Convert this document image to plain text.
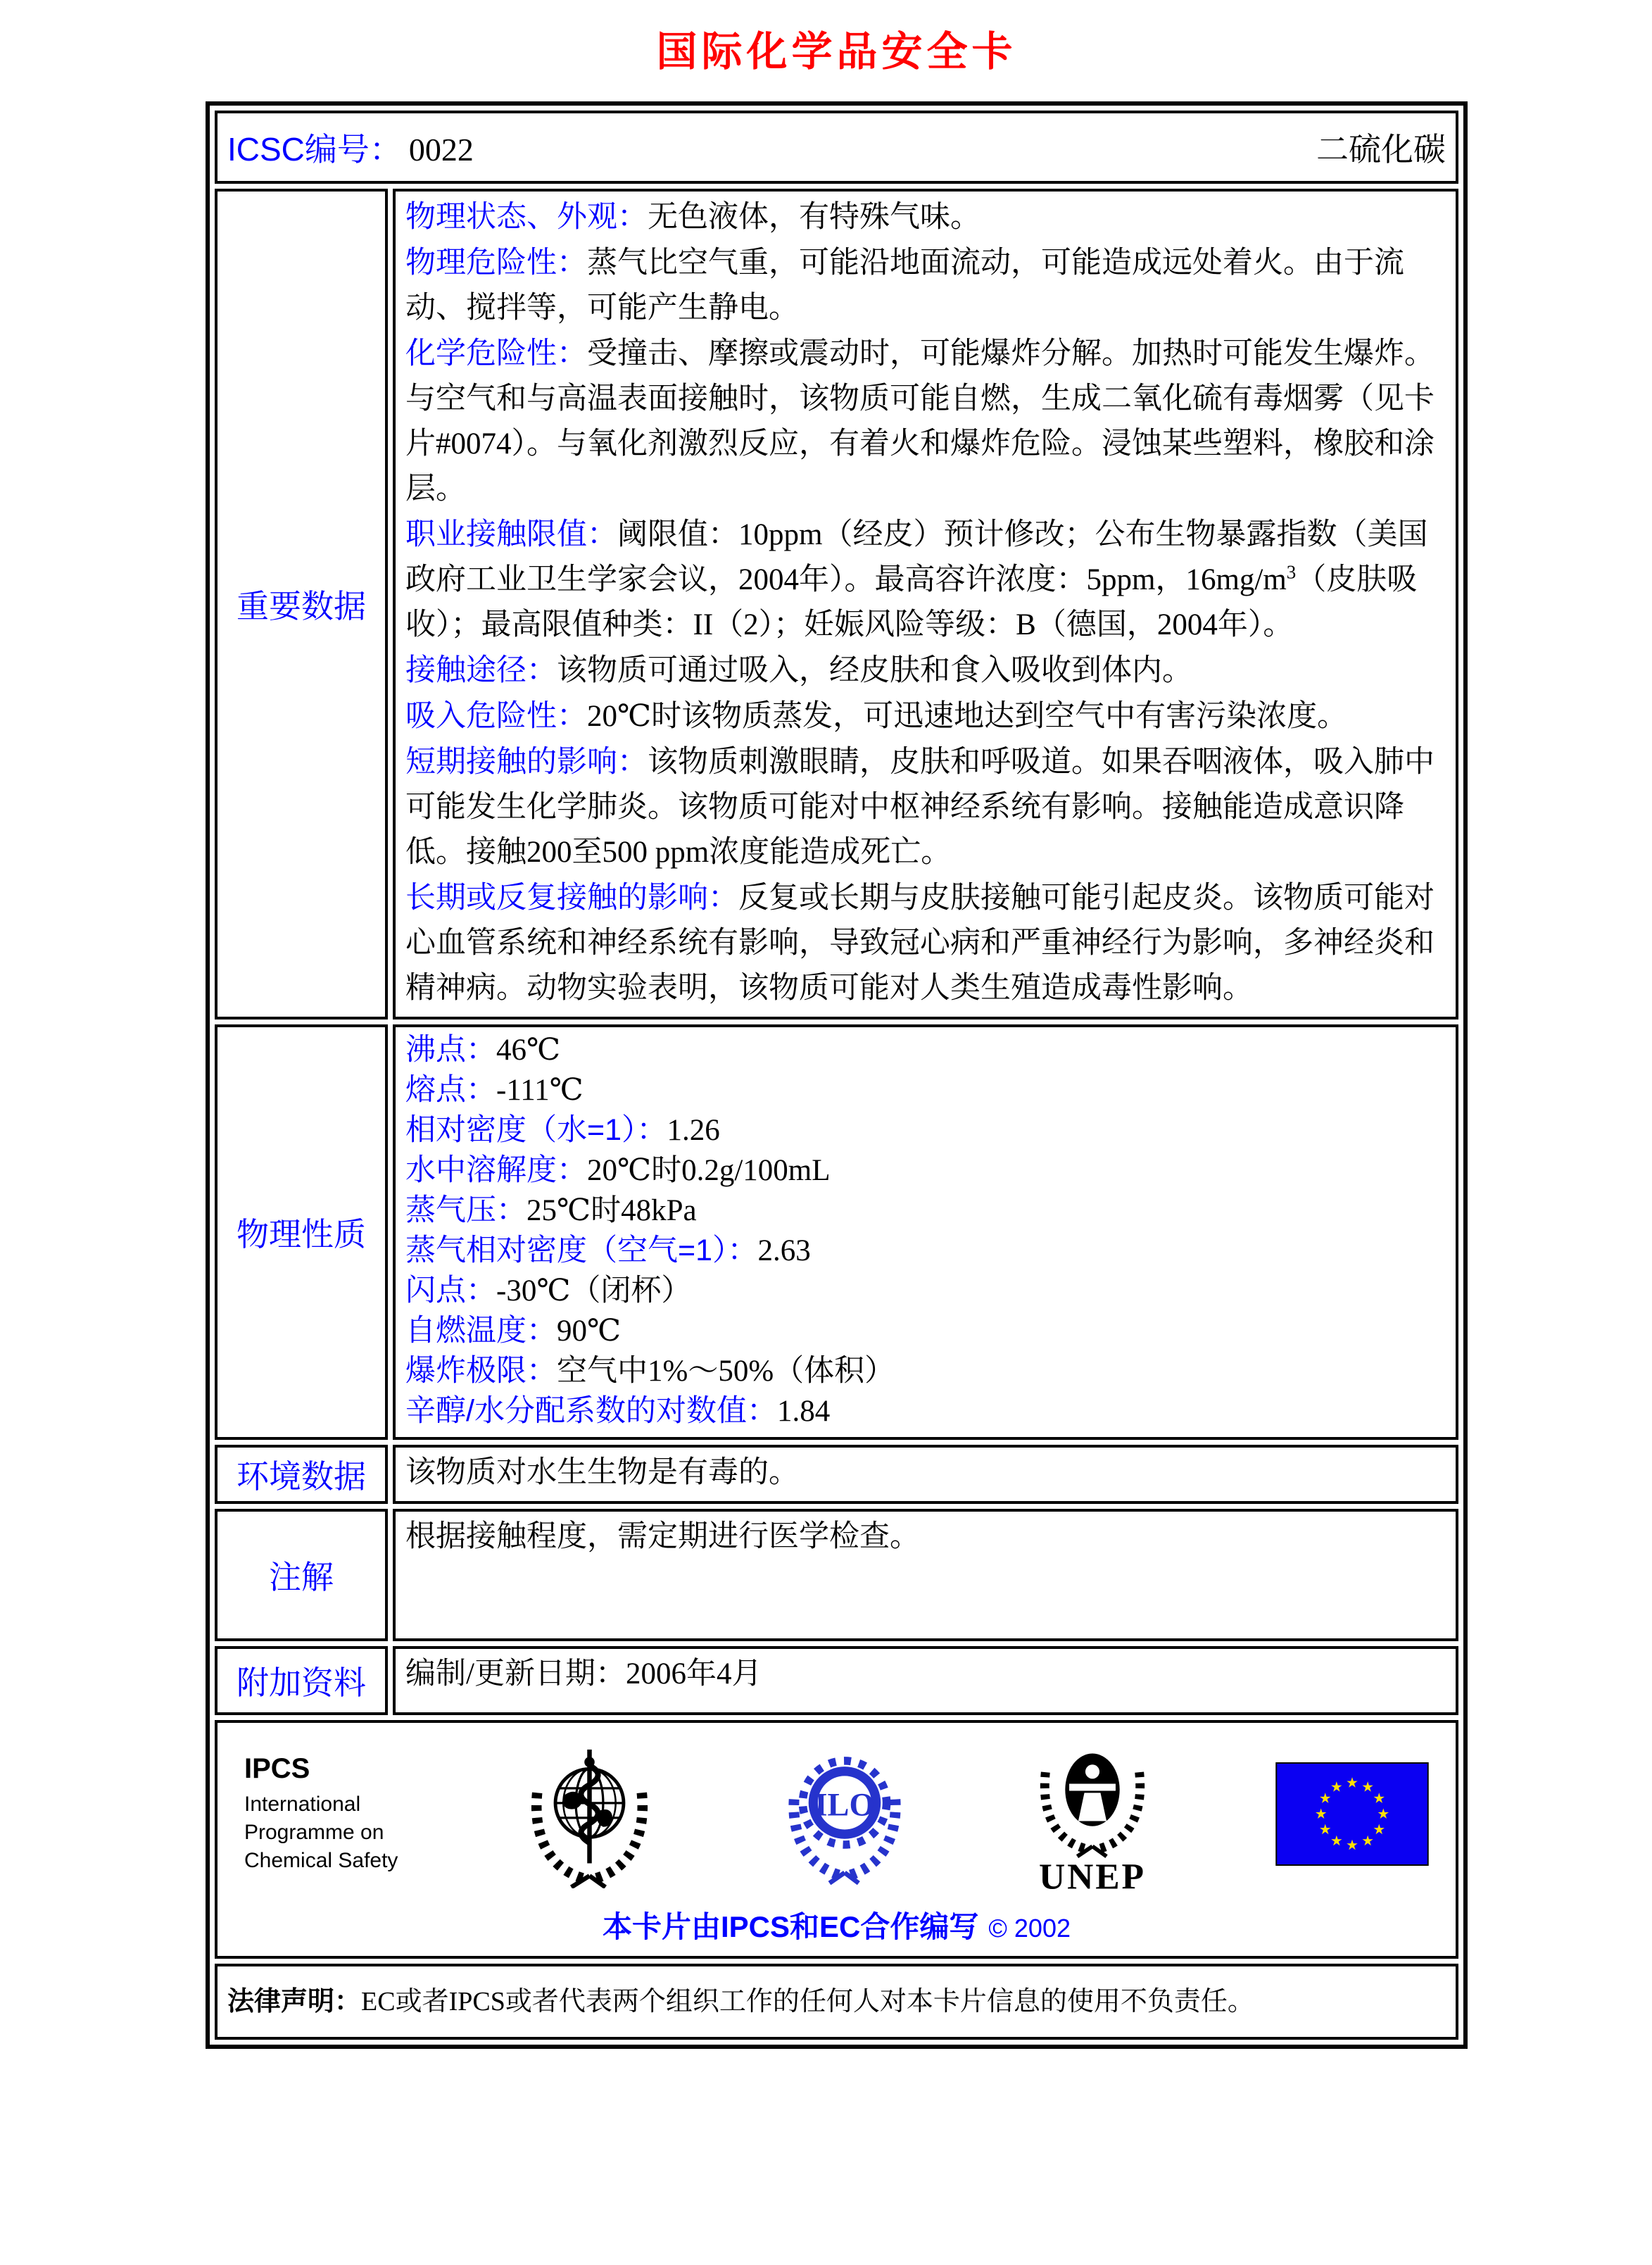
国际化学品安全卡
ICSC编号： 0022 二硫化碳	

重要数据	
物理状态、外观：无色液体，有特殊气味。
物理危险性：蒸气比空气重，可能沿地面流动，可能造成远处着火。由于流动、搅拌等，可能产生静电。
化学危险性：受撞击、摩擦或震动时，可能爆炸分解。加热时可能发生爆炸。与空气和与高温表面接触时，该物质可能自燃，生成二氧化硫有毒烟雾（见卡片#0074）。与氧化剂激烈反应，有着火和爆炸危险。浸蚀某些塑料，橡胶和涂层。
职业接触限值：阈限值：10ppm（经皮）预计修改；公布生物暴露指数（美国政府工业卫生学家会议，2004年）。最高容许浓度：5ppm，$16mg/m^3$（皮肤吸收）；最高限值种类：II（2）；妊娠风险等级：B（德国，2004年）。
接触途径：该物质可通过吸入，经皮肤和食入吸收到体内。
吸入危险性：20℃时该物质蒸发，可迅速地达到空气中有害污染浓度。
短期接触的影响：该物质刺激眼睛，皮肤和呼吸道。如果吞咽液体，吸入肺中可能发生化学肺炎。该物质可能对中枢神经系统有影响。接触能造成意识降低。接触200至500 ppm浓度能造成死亡。
长期或反复接触的影响：反复或长期与皮肤接触可能引起皮炎。该物质可能对心血管系统和神经系统有影响，导致冠心病和严重神经行为影响，多神经炎和精神病。动物实验表明，该物质可能对人类生殖造成毒性影响。

物理性质	
沸点：46℃
熔点：-111℃
相对密度（水=1）：1.26
水中溶解度：20℃时0.2g/100mL
蒸气压：25℃时48kPa
蒸气相对密度（空气=1）：2.63
闪点：-30℃（闭杯）
自燃温度：90℃
爆炸极限：空气中1%～50%（体积）
辛醇/水分配系数的对数值：1.84

环境数据	该物质对水生生物是有毒的。
注解	根据接触程度，需定期进行医学检查。
附加资料	编制/更新日期：2006年4月

IPCS
International
Programme on
Chemical Safety
ILO
UNEP
本卡片由IPCS和EC合作编写 © 2002

法律声明：EC或者IPCS或者代表两个组织工作的任何人对本卡片信息的使用不负责任。	
